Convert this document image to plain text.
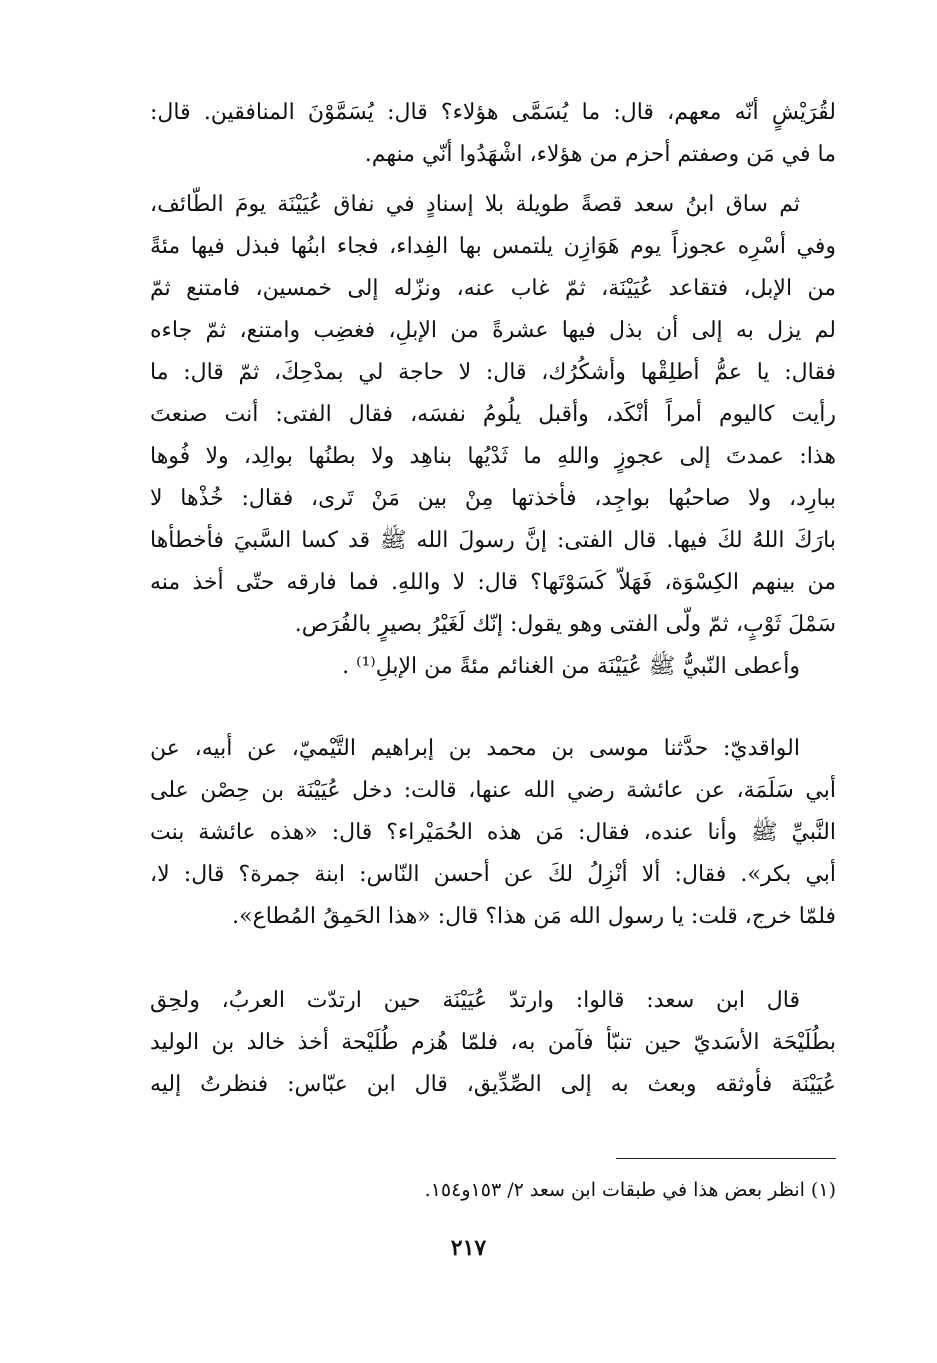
لقُرَيْشٍ أنّه معهم، قال: ما يُسَمَّى هؤلاء؟ قال: يُسَمَّوْنَ المنافقين. قال:
ما في مَن وصفتم أحزم من هؤلاء، اشْهَدُوا أنّي منهم.
ثم ساق ابنُ سعد قصةً طويلة بلا إسنادٍ في نفاق عُيَيْنَة يومَ الطّائف،
وفي أسْرِه عجوزاً يوم هَوَازِن يلتمس بها الفِداء، فجاء ابنُها فبذل فيها مئةً
من الإبل، فتقاعد عُيَيْنَة، ثمّ غاب عنه، ونزّله إلى خمسين، فامتنع ثمّ
لم يزل به إلى أن بذل فيها عشرةً من الإبلِ، فغضِب وامتنع، ثمّ جاءه
فقال: يا عمُّ أطلِقْها وأشكُرُك، قال: لا حاجة لي بمدْحِكَ، ثمّ قال: ما
رأيت كاليوم أمراً أنْكَد، وأقبل يلُومُ نفسَه، فقال الفتى: أنت صنعتَ
هذا: عمدتَ إلى عجوزٍ واللهِ ما ثَدْيُها بناهِد ولا بطنُها بوالِد، ولا فُوها
ببارِد، ولا صاحبُها بواجِد، فأخذتها مِنْ بين مَنْ تَرى، فقال: خُذْها لا
بارَكَ اللهُ لكَ فيها. قال الفتى: إنَّ رسولَ الله ﷺ قد كسا السَّبيَ فأخطأها
من بينهم الكِسْوَة، فَهَلاّ كَسَوْتَها؟ قال: لا واللهِ. فما فارقه حتّى أخذ منه
سَمْلَ ثَوْبٍ، ثمّ ولّى الفتى وهو يقول: إنّك لَغَيْرُ بصيرٍ بالفُرَص.
وأعطى النّبيُّ ﷺ عُيَيْنَة من الغنائم مئةً من الإبلِ⁽¹⁾ .
الواقديّ: حدَّثنا موسى بن محمد بن إبراهيم التَّيْميّ، عن أبيه، عن
أبي سَلَمَة، عن عائشة رضي الله عنها، قالت: دخل عُيَيْنَة بن حِصْن على
النَّبيِّ ﷺ وأنا عنده، فقال: مَن هذه الحُمَيْراء؟ قال: «هذه عائشة بنت
أبي بكر». فقال: ألا أنْزِلُ لكَ عن أحسن النّاس: ابنة جمرة؟ قال: لا،
فلمّا خرج، قلت: يا رسول الله مَن هذا؟ قال: «هذا الحَمِقُ المُطاع».
قال ابن سعد: قالوا: وارتدّ عُيَيْنَة حين ارتدّت العربُ، ولحِق
بطُلَيْحَة الأسَديّ حين تنبّأ فآمن به، فلمّا هُزم طُلَيْحة أخذ خالد بن الوليد
عُيَيْنَة فأوثقه وبعث به إلى الصِّدِّيق، قال ابن عبّاس: فنظرتُ إليه
(١) انظر بعض هذا في طبقات ابن سعد ٢/ ١٥٣و١٥٤.
٢١٧
